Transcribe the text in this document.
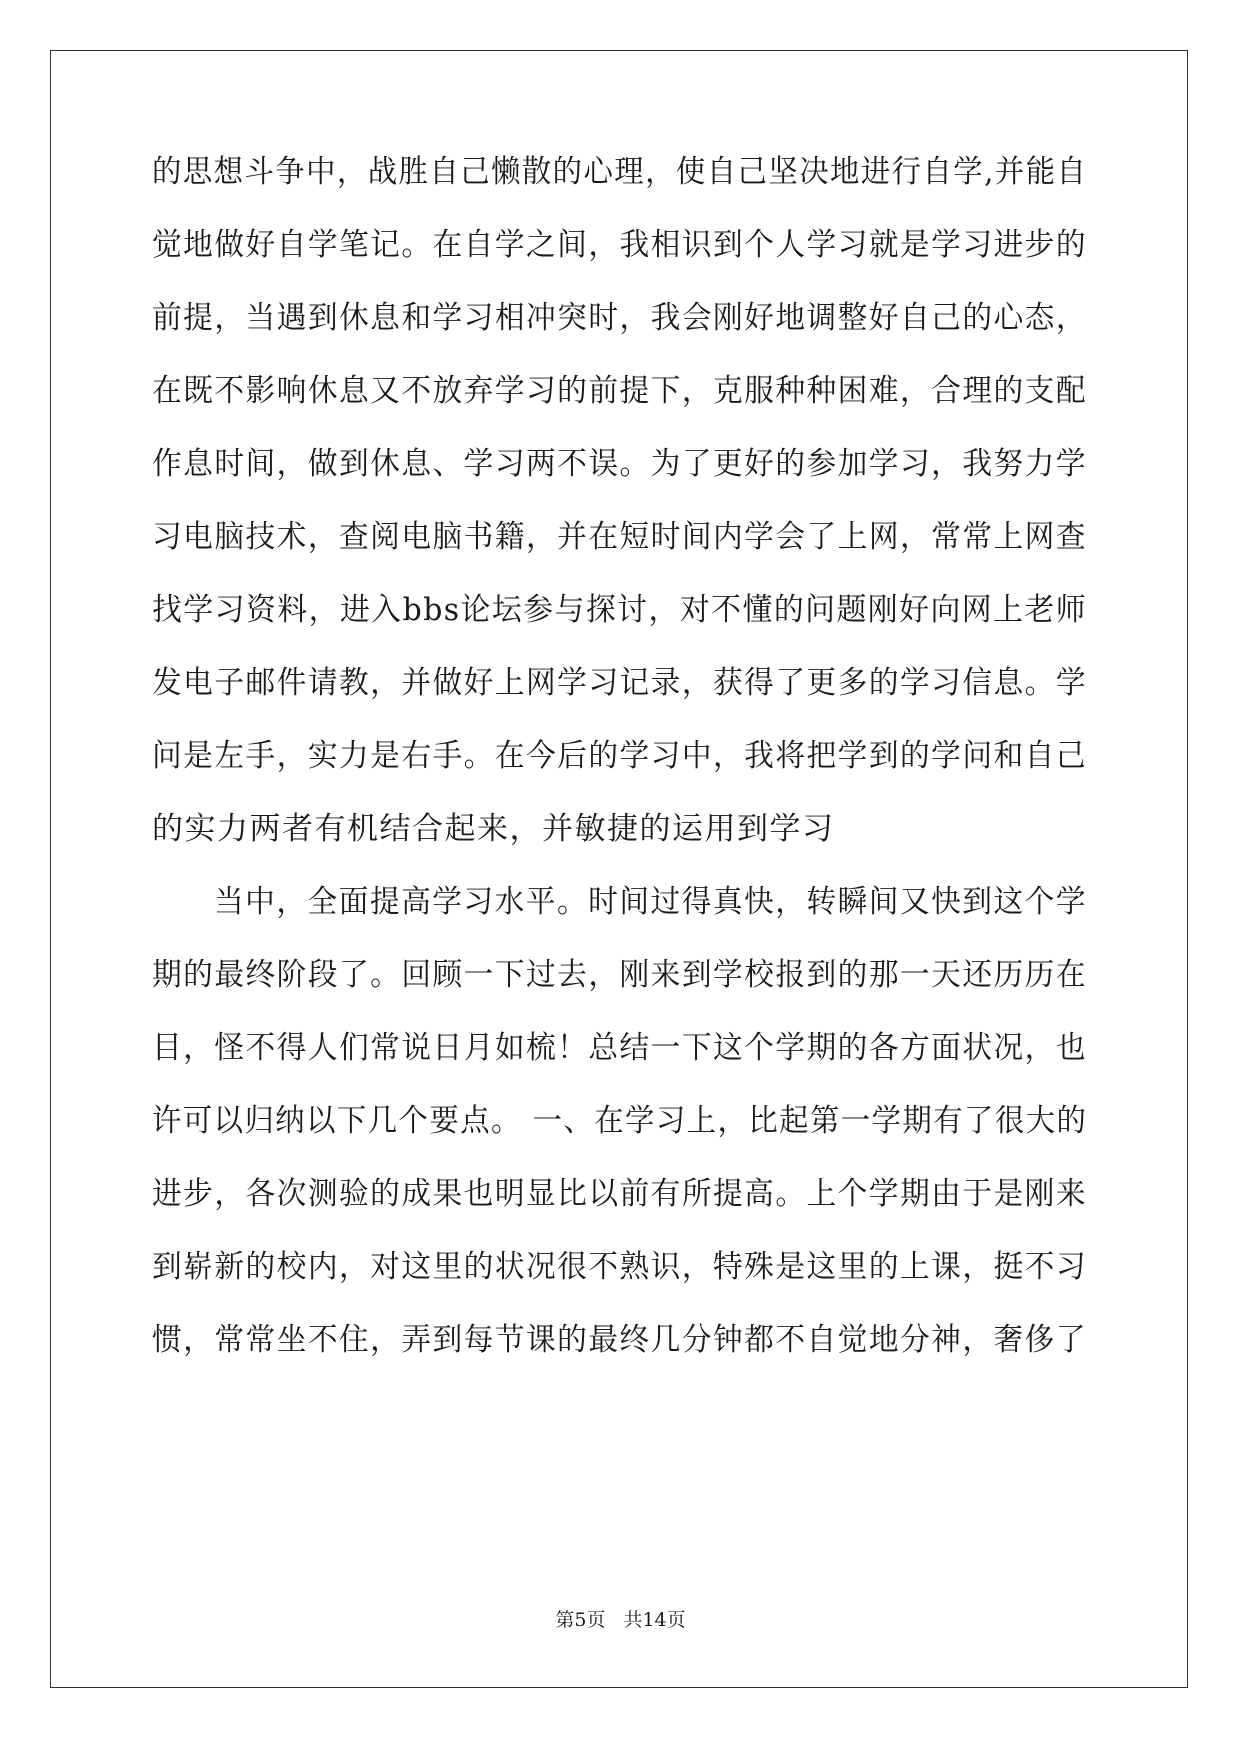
的思想斗争中，战胜自己懒散的心理，使自己坚决地进行自学,并能自
觉地做好自学笔记。在自学之间，我相识到个人学习就是学习进步的
前提，当遇到休息和学习相冲突时，我会刚好地调整好自己的心态，
在既不影响休息又不放弃学习的前提下，克服种种困难，合理的支配
作息时间，做到休息、学习两不误。为了更好的参加学习，我努力学
习电脑技术，查阅电脑书籍，并在短时间内学会了上网，常常上网查
找学习资料，进入bbs论坛参与探讨，对不懂的问题刚好向网上老师
发电子邮件请教，并做好上网学习记录，获得了更多的学习信息。学
问是左手，实力是右手。在今后的学习中，我将把学到的学问和自己
的实力两者有机结合起来，并敏捷的运用到学习
当中，全面提高学习水平。时间过得真快，转瞬间又快到这个学
期的最终阶段了。回顾一下过去，刚来到学校报到的那一天还历历在
目，怪不得人们常说日月如梳！总结一下这个学期的各方面状况，也
许可以归纳以下几个要点。 一、在学习上，比起第一学期有了很大的
进步，各次测验的成果也明显比以前有所提高。上个学期由于是刚来
到崭新的校内，对这里的状况很不熟识，特殊是这里的上课，挺不习
惯，常常坐不住，弄到每节课的最终几分钟都不自觉地分神，奢侈了
第5页 共14页
